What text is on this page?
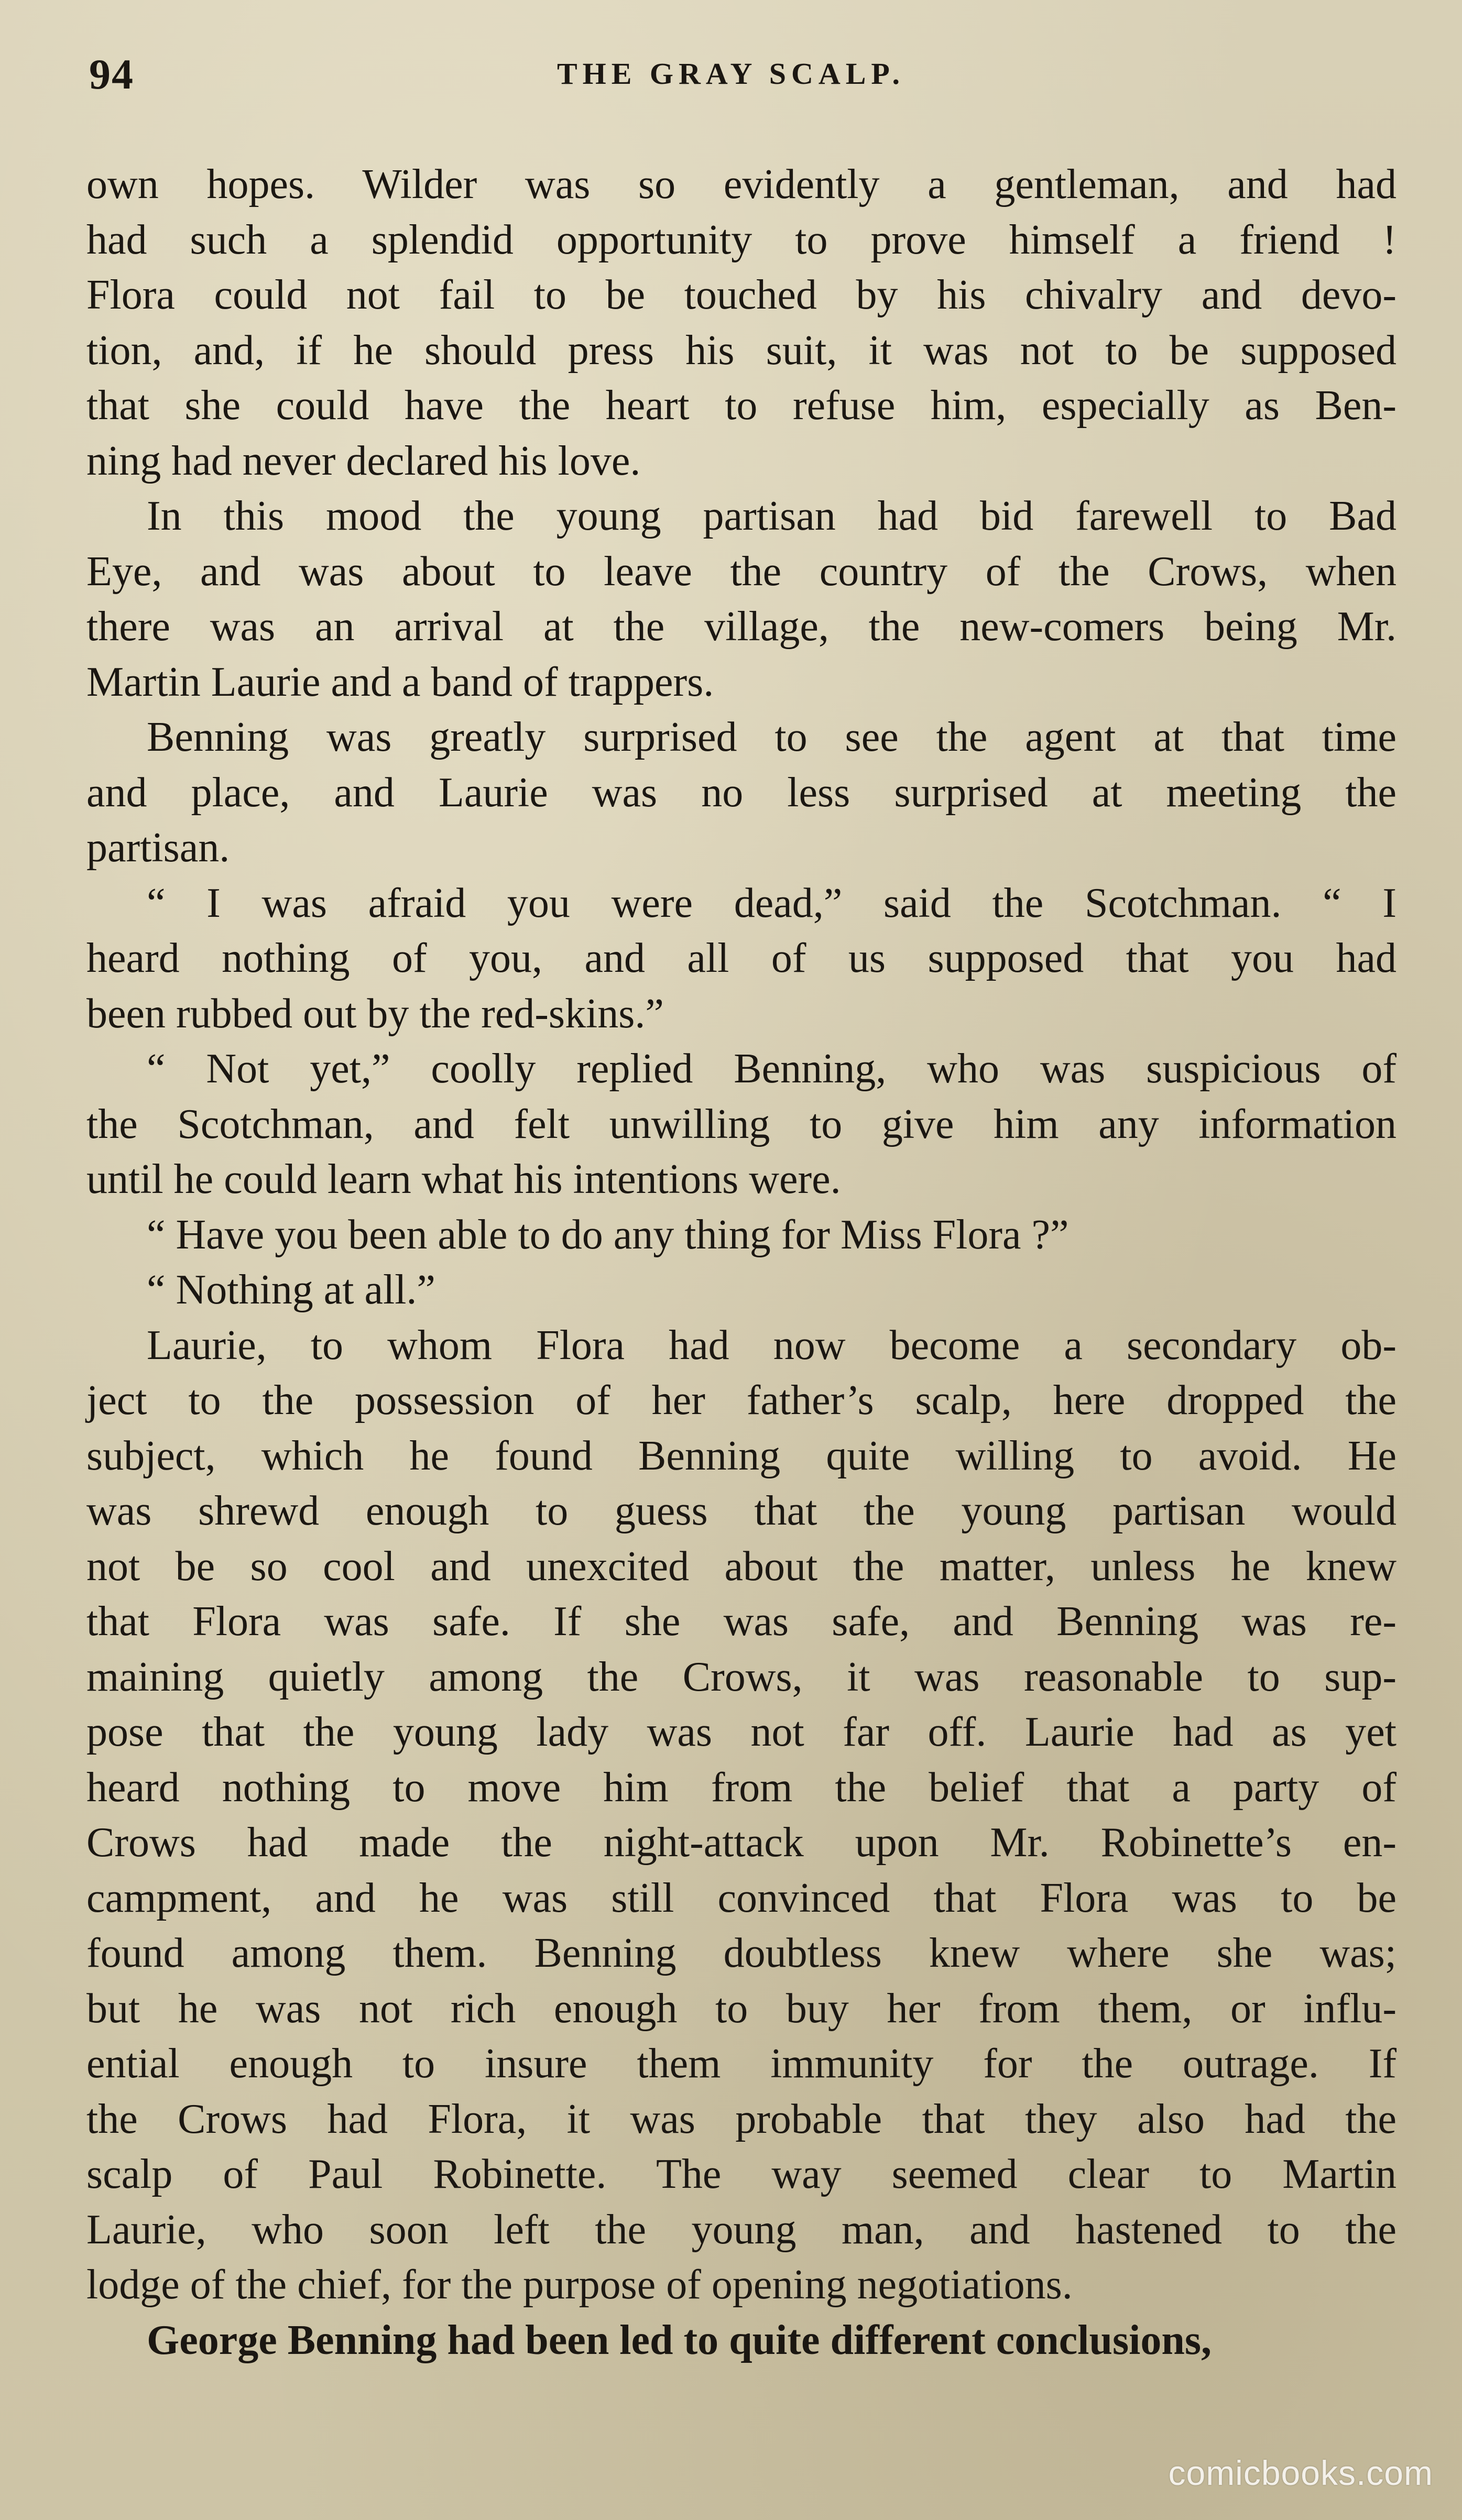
94	THE GRAY SCALP.
own hopes. Wilder was so evidently a gentleman, and had
had such a splendid opportunity to prove himself a friend !
Flora could not fail to be touched by his chivalry and devo-
tion, and, if he should press his suit, it was not to be supposed
that she could have the heart to refuse him, especially as Ben-
ning had never declared his love.
In this mood the young partisan had bid farewell to Bad
Eye, and was about to leave the country of the Crows, when
there was an arrival at the village, the new-comers being Mr.
Martin Laurie and a band of trappers.
Benning was greatly surprised to see the agent at that time
and place, and Laurie was no less surprised at meeting the
partisan.
“ I was afraid you were dead,” said the Scotchman. “ I
heard nothing of you, and all of us supposed that you had
been rubbed out by the red-skins.”
“ Not yet,” coolly replied Benning, who was suspicious of
the Scotchman, and felt unwilling to give him any information
until he could learn what his intentions were.
“ Have you been able to do any thing for Miss Flora ?”
“ Nothing at all.”
Laurie, to whom Flora had now become a secondary ob-
ject to the possession of her father’s scalp, here dropped the
subject, which he found Benning quite willing to avoid. He
was shrewd enough to guess that the young partisan would
not be so cool and unexcited about the matter, unless he knew
that Flora was safe. If she was safe, and Benning was re-
maining quietly among the Crows, it was reasonable to sup-
pose that the young lady was not far off. Laurie had as yet
heard nothing to move him from the belief that a party of
Crows had made the night-attack upon Mr. Robinette’s en-
campment, and he was still convinced that Flora was to be
found among them. Benning doubtless knew where she was;
but he was not rich enough to buy her from them, or influ-
ential enough to insure them immunity for the outrage. If
the Crows had Flora, it was probable that they also had the
scalp of Paul Robinette. The way seemed clear to Martin
Laurie, who soon left the young man, and hastened to the
lodge of the chief, for the purpose of opening negotiations.
George Benning had been led to quite different conclusions,
comicbooks.com
